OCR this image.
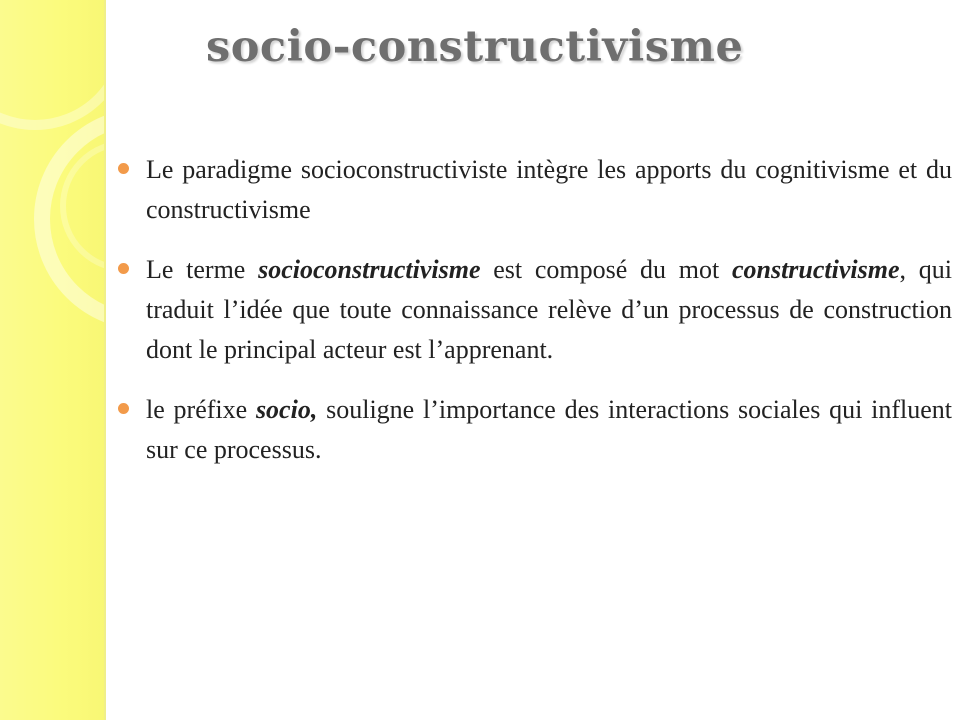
socio-constructivisme
Le paradigme socioconstructiviste intègre les apports du cognitivisme et du constructivisme
Le terme socioconstructivisme est composé du mot constructivisme, qui traduit l’idée que toute connaissance relève d’un processus de construction dont le principal acteur est l’apprenant.
le préfixe socio, souligne l’importance des interactions sociales qui influent sur ce processus.
